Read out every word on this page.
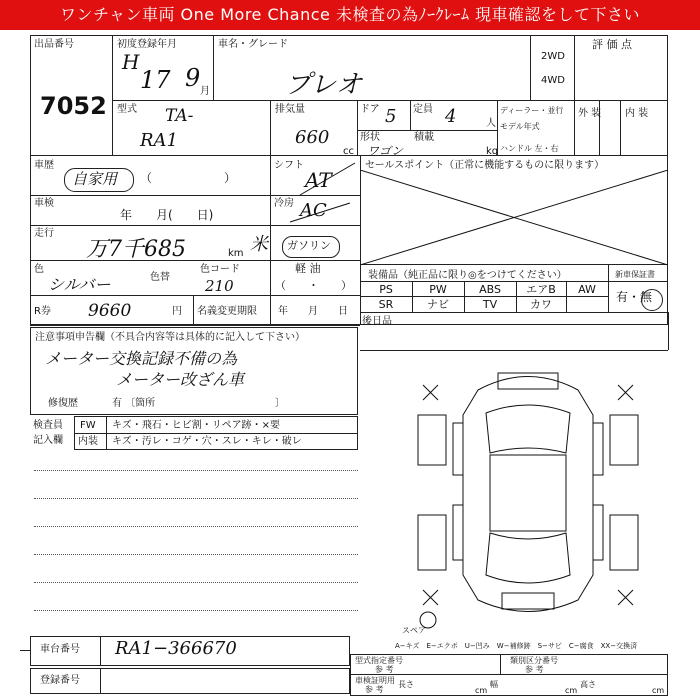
ワンチャン車両 One More Chance 未検査の為ﾉｰｸﾚｰﾑ 現車確認をして下さい
出品番号
7052
初度登録年月
H
17 9 月
車名・グレード
プレオ
2WD
4WD
評 価 点
型式 TA-
RA1
排気量
660
cc
ドア 5 定員 4	人
形状
ワゴン
積載
kg
ディーラー・並行
モデル年式
ハンドル 左・右
外 装 内 装
車歴
自家用 （　　　　　　）
車検
年　　月(　　日)
走行
万7千685	km 米
色
シルバー	色替
色コード
210
シフト
AT
冷房 AC
ガソリン
軽 油
（　　・　　）
R券 9660	円 名義変更期限 年　　月　　日
セールスポイント（正常に機能するものに限ります）
装備品（純正品に限り◎をつけてください）	新車保証書
PS	PW	ABS	エアB	AW
SR	ナビ	TV	カワ
有・無
後日品
注意事項申告欄（不具合内容等は具体的に記入して下さい）
メーター交換記録不備の為
メーター改ざん車
修復歴	有 〔箇所　　　　　　　　　　　　〕
検査員
記入欄
FW
内装
キズ・飛石・ヒビ割・リペア跡・×要
キズ・汚レ・コゲ・穴・スレ・キレ・破レ
スペア
A−キズ　E−エクボ　U−凹み　W−補修跡　S−サビ　C−腐食　XX−交換済
車台番号 RA1−366670
登録番号
型式指定番号
参 考
類別区分番号
参 考
車検証明用
参 考
長さ
cm
幅
cm
高さ
cm
